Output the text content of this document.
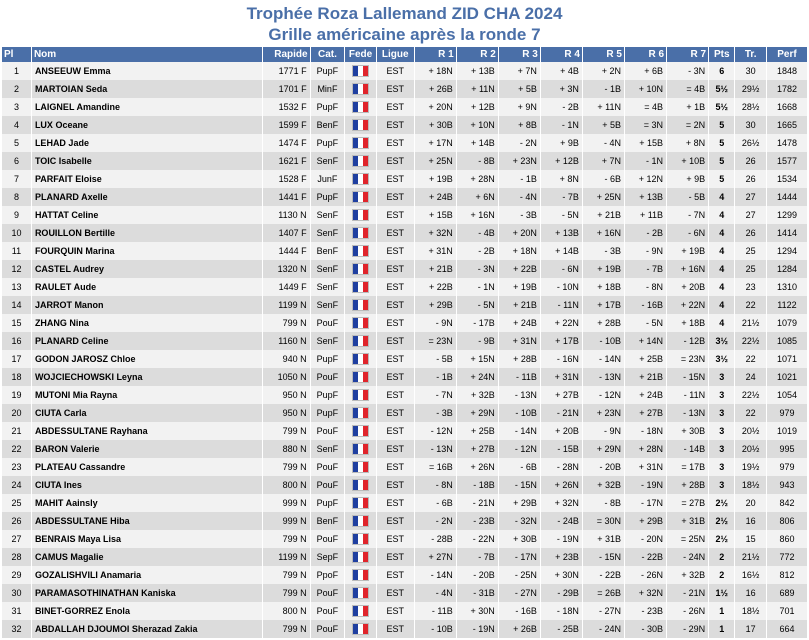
Trophée Roza Lallemand ZID CHA 2024
Grille américaine après la ronde 7
Pl	Nom	Rapide	Cat.	Fede	Ligue	R 1	R 2	R 3	R 4	R 5	R 6	R 7	Pts	Tr.	Perf
1	ANSEEUW Emma	1771 F	PupF		EST	+ 18N	+ 13B	+ 7N	+ 4B	+ 2N	+ 6B	- 3N	6	30	1848
2	MARTOIAN Seda	1701 F	MinF		EST	+ 26B	+ 11N	+ 5B	+ 3N	- 1B	+ 10N	= 4B	5½	29½	1782
3	LAIGNEL Amandine	1532 F	PupF		EST	+ 20N	+ 12B	+ 9N	- 2B	+ 11N	= 4B	+ 1B	5½	28½	1668
4	LUX Oceane	1599 F	BenF		EST	+ 30B	+ 10N	+ 8B	- 1N	+ 5B	= 3N	= 2N	5	30	1665
5	LEHAD Jade	1474 F	PupF		EST	+ 17N	+ 14B	- 2N	+ 9B	- 4N	+ 15B	+ 8N	5	26½	1478
6	TOIC Isabelle	1621 F	SenF		EST	+ 25N	- 8B	+ 23N	+ 12B	+ 7N	- 1N	+ 10B	5	26	1577
7	PARFAIT Eloise	1528 F	JunF		EST	+ 19B	+ 28N	- 1B	+ 8N	- 6B	+ 12N	+ 9B	5	26	1534
8	PLANARD Axelle	1441 F	PupF		EST	+ 24B	+ 6N	- 4N	- 7B	+ 25N	+ 13B	- 5B	4	27	1444
9	HATTAT Celine	1130 N	SenF		EST	+ 15B	+ 16N	- 3B	- 5N	+ 21B	+ 11B	- 7N	4	27	1299
10	ROUILLON Bertille	1407 F	SenF		EST	+ 32N	- 4B	+ 20N	+ 13B	+ 16N	- 2B	- 6N	4	26	1414
11	FOURQUIN Marina	1444 F	BenF		EST	+ 31N	- 2B	+ 18N	+ 14B	- 3B	- 9N	+ 19B	4	25	1294
12	CASTEL Audrey	1320 N	SenF		EST	+ 21B	- 3N	+ 22B	- 6N	+ 19B	- 7B	+ 16N	4	25	1284
13	RAULET Aude	1449 F	SenF		EST	+ 22B	- 1N	+ 19B	- 10N	+ 18B	- 8N	+ 20B	4	23	1310
14	JARROT Manon	1199 N	SenF		EST	+ 29B	- 5N	+ 21B	- 11N	+ 17B	- 16B	+ 22N	4	22	1122
15	ZHANG Nina	799 N	PouF		EST	- 9N	- 17B	+ 24B	+ 22N	+ 28B	- 5N	+ 18B	4	21½	1079
16	PLANARD Celine	1160 N	SenF		EST	= 23N	- 9B	+ 31N	+ 17B	- 10B	+ 14N	- 12B	3½	22½	1085
17	GODON JAROSZ Chloe	940 N	PupF		EST	- 5B	+ 15N	+ 28B	- 16N	- 14N	+ 25B	= 23N	3½	22	1071
18	WOJCIECHOWSKI Leyna	1050 N	PouF		EST	- 1B	+ 24N	- 11B	+ 31N	- 13N	+ 21B	- 15N	3	24	1021
19	MUTONI Mia Rayna	950 N	PupF		EST	- 7N	+ 32B	- 13N	+ 27B	- 12N	+ 24B	- 11N	3	22½	1054
20	CIUTA Carla	950 N	PupF		EST	- 3B	+ 29N	- 10B	- 21N	+ 23N	+ 27B	- 13N	3	22	979
21	ABDESSULTANE Rayhana	799 N	PouF		EST	- 12N	+ 25B	- 14N	+ 20B	- 9N	- 18N	+ 30B	3	20½	1019
22	BARON Valerie	880 N	SenF		EST	- 13N	+ 27B	- 12N	- 15B	+ 29N	+ 28N	- 14B	3	20½	995
23	PLATEAU Cassandre	799 N	PouF		EST	= 16B	+ 26N	- 6B	- 28N	- 20B	+ 31N	= 17B	3	19½	979
24	CIUTA Ines	800 N	PouF		EST	- 8N	- 18B	- 15N	+ 26N	+ 32B	- 19N	+ 28B	3	18½	943
25	MAHIT Aainsly	999 N	PupF		EST	- 6B	- 21N	+ 29B	+ 32N	- 8B	- 17N	= 27B	2½	20	842
26	ABDESSULTANE Hiba	999 N	BenF		EST	- 2N	- 23B	- 32N	- 24B	= 30N	+ 29B	+ 31B	2½	16	806
27	BENRAIS Maya Lisa	799 N	PouF		EST	- 28B	- 22N	+ 30B	- 19N	+ 31B	- 20N	= 25N	2½	15	860
28	CAMUS Magalie	1199 N	SepF		EST	+ 27N	- 7B	- 17N	+ 23B	- 15N	- 22B	- 24N	2	21½	772
29	GOZALISHVILI Anamaria	799 N	PpoF		EST	- 14N	- 20B	- 25N	+ 30N	- 22B	- 26N	+ 32B	2	16½	812
30	PARAMASOTHINATHAN Kaniska	799 N	PouF		EST	- 4N	- 31B	- 27N	- 29B	= 26B	+ 32N	- 21N	1½	16	689
31	BINET-GORREZ Enola	800 N	PouF		EST	- 11B	+ 30N	- 16B	- 18N	- 27N	- 23B	- 26N	1	18½	701
32	ABDALLAH DJOUMOI Sherazad Zakia	799 N	PouF		EST	- 10B	- 19N	+ 26B	- 25B	- 24N	- 30B	- 29N	1	17	664
